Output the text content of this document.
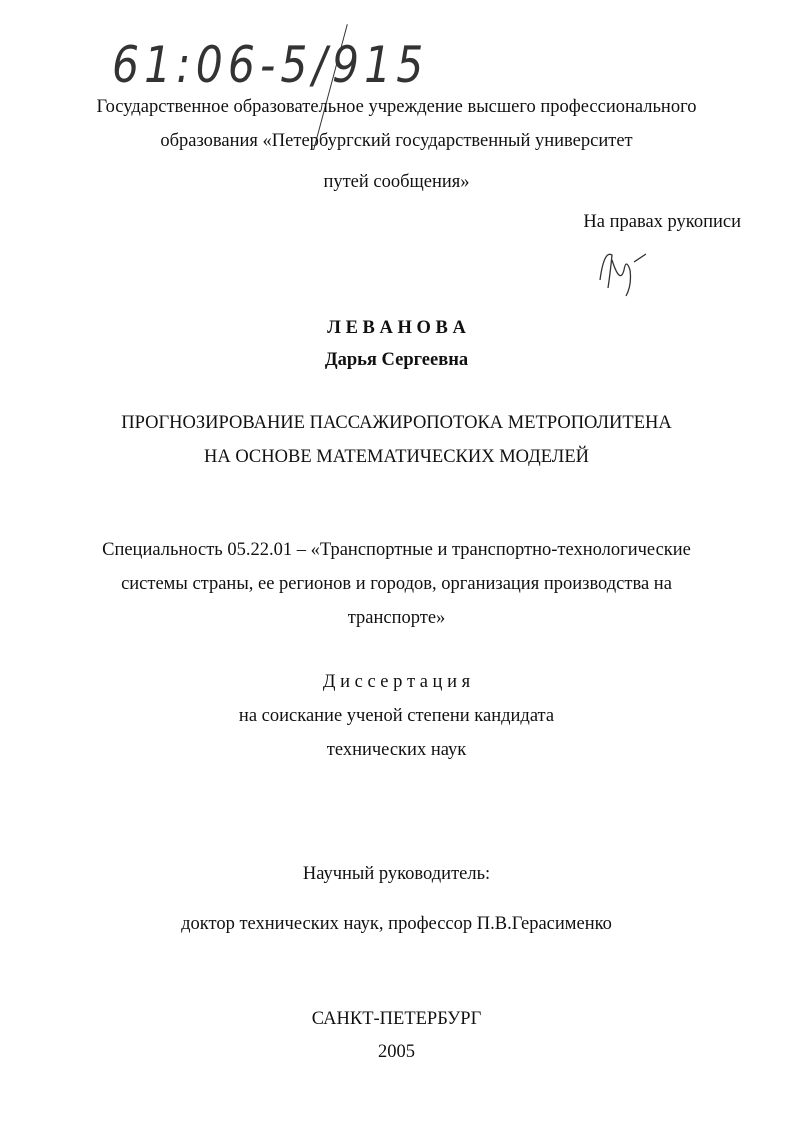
61:06-5/915
Государственное образовательное учреждение высшего профессионального
образования «Петербургский государственный университет
путей сообщения»
На правах рукописи
Л Е В А Н О В А
Дарья Сергеевна
ПРОГНОЗИРОВАНИЕ ПАССАЖИРОПОТОКА МЕТРОПОЛИТЕНА
НА ОСНОВЕ МАТЕМАТИЧЕСКИХ МОДЕЛЕЙ
Специальность 05.22.01 – «Транспортные и транспортно-технологические
системы страны, ее регионов и городов, организация производства на
транспорте»
Д и с с е р т а ц и я
на соискание ученой степени кандидата
технических наук
Научный руководитель:
доктор технических наук, профессор П.В.Герасименко
САНКТ-ПЕТЕРБУРГ
2005
